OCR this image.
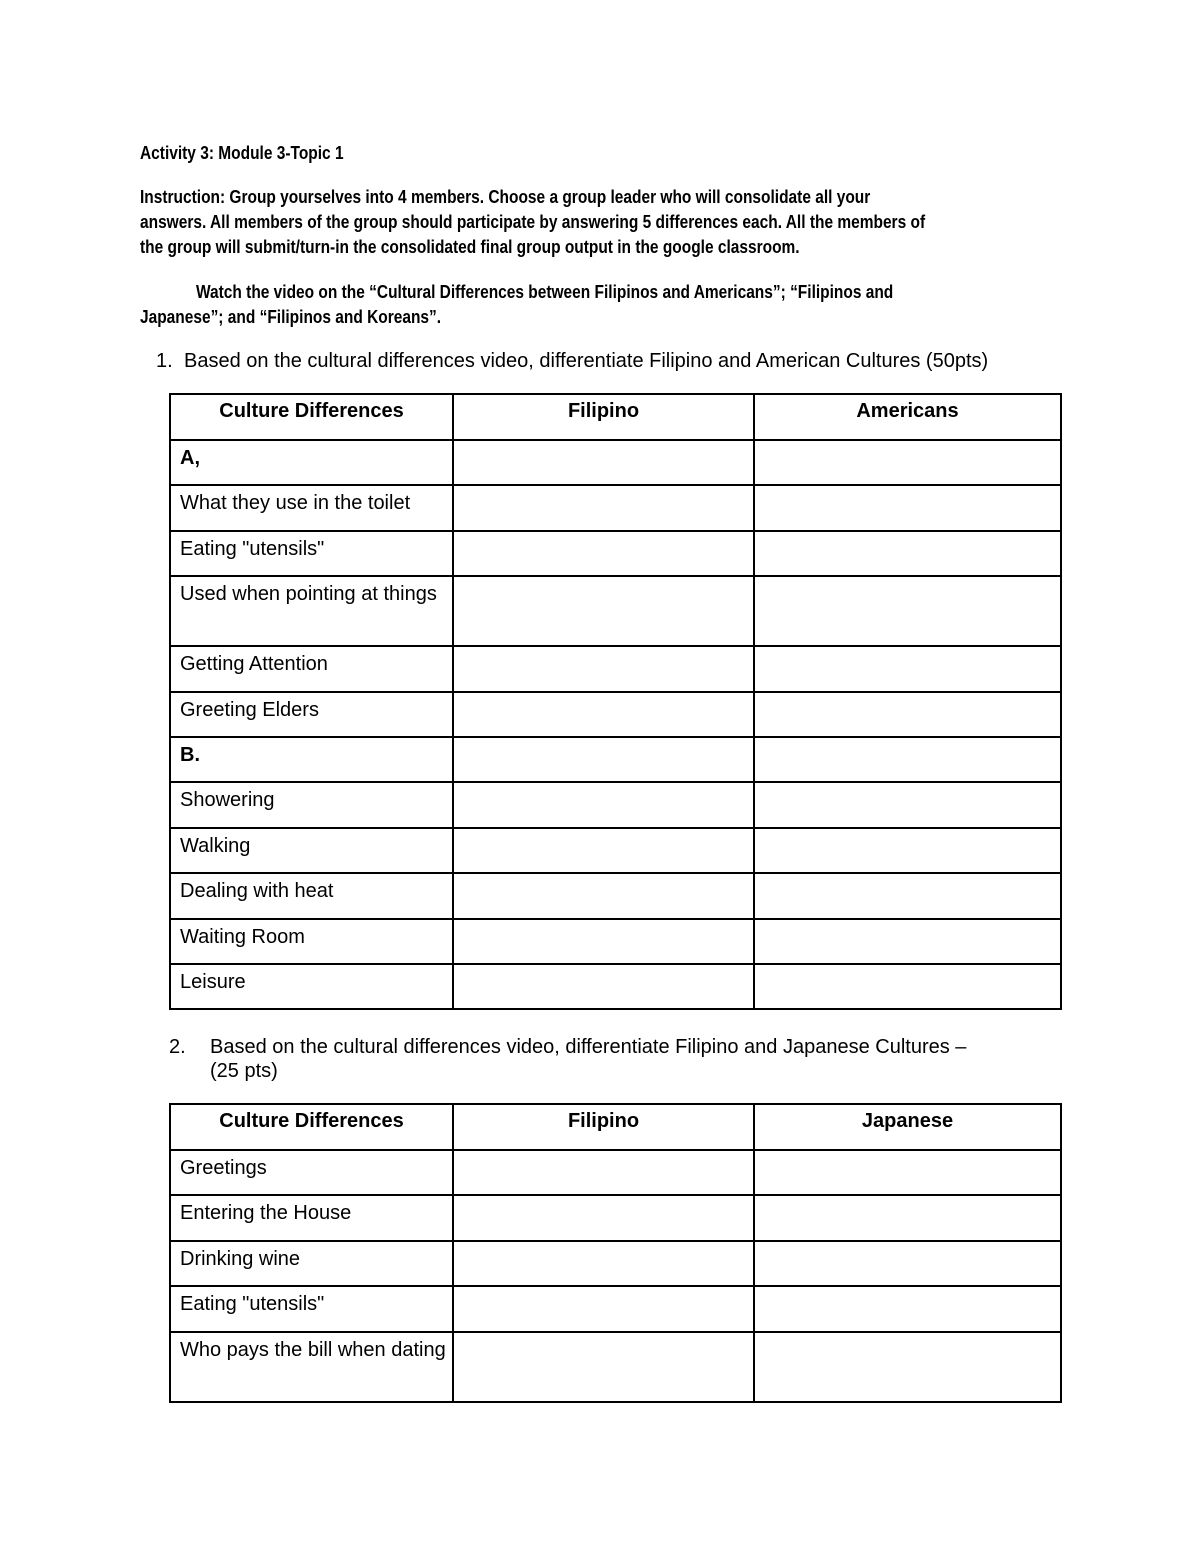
Activity 3: Module 3-Topic 1
Instruction: Group yourselves into 4 members. Choose a group leader who will consolidate all your
answers. All members of the group should participate by answering 5 differences each. All the members of
the group will submit/turn-in the consolidated final group output in the google classroom.
Watch the video on the “Cultural Differences between Filipinos and Americans”; “Filipinos and
Japanese”; and “Filipinos and Koreans”.
1. Based on the cultural differences video, differentiate Filipino and American Cultures (50pts)
Culture Differences	Filipino	Americans
A,		
What they use in the toilet		
Eating "utensils"		
Used when pointing at things		
Getting Attention		
Greeting Elders		
B.		
Showering		
Walking		
Dealing with heat		
Waiting Room		
Leisure		
2. Based on the cultural differences video, differentiate Filipino and Japanese Cultures –
(25 pts)
Culture Differences	Filipino	Japanese
Greetings		
Entering the House		
Drinking wine		
Eating "utensils"		
Who pays the bill when dating		
